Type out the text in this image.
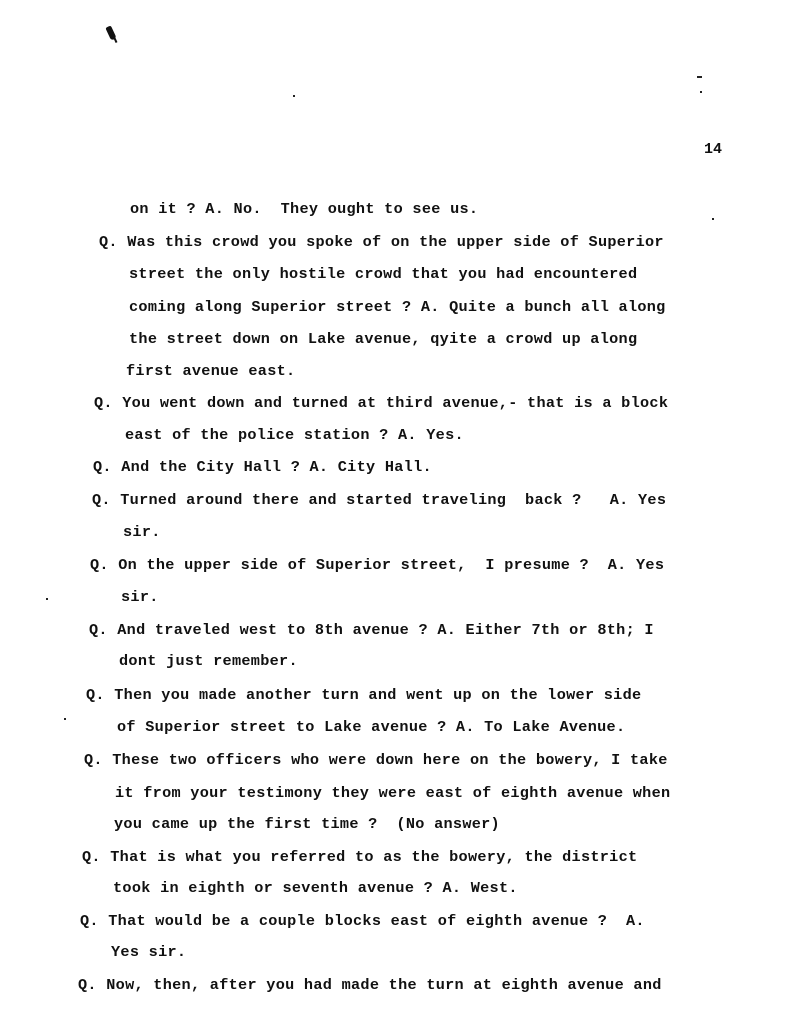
14
on it ? A. No.  They ought to see us.
Q. Was this crowd you spoke of on the upper side of Superior
street the only hostile crowd that you had encountered
coming along Superior street ? A. Quite a bunch all along
the street down on Lake avenue, qyite a crowd up along
first avenue east.
Q. You went down and turned at third avenue,- that is a block
east of the police station ? A. Yes.
Q. And the City Hall ? A. City Hall.
Q. Turned around there and started traveling  back ?   A. Yes
sir.
Q. On the upper side of Superior street,  I presume ?  A. Yes
sir.
Q. And traveled west to 8th avenue ? A. Either 7th or 8th; I
dont just remember.
Q. Then you made another turn and went up on the lower side
of Superior street to Lake avenue ? A. To Lake Avenue.
Q. These two officers who were down here on the bowery, I take
it from your testimony they were east of eighth avenue when
you came up the first time ?  (No answer)
Q. That is what you referred to as the bowery, the district
took in eighth or seventh avenue ? A. West.
Q. That would be a couple blocks east of eighth avenue ?  A.
Yes sir.
Q. Now, then, after you had made the turn at eighth avenue and
